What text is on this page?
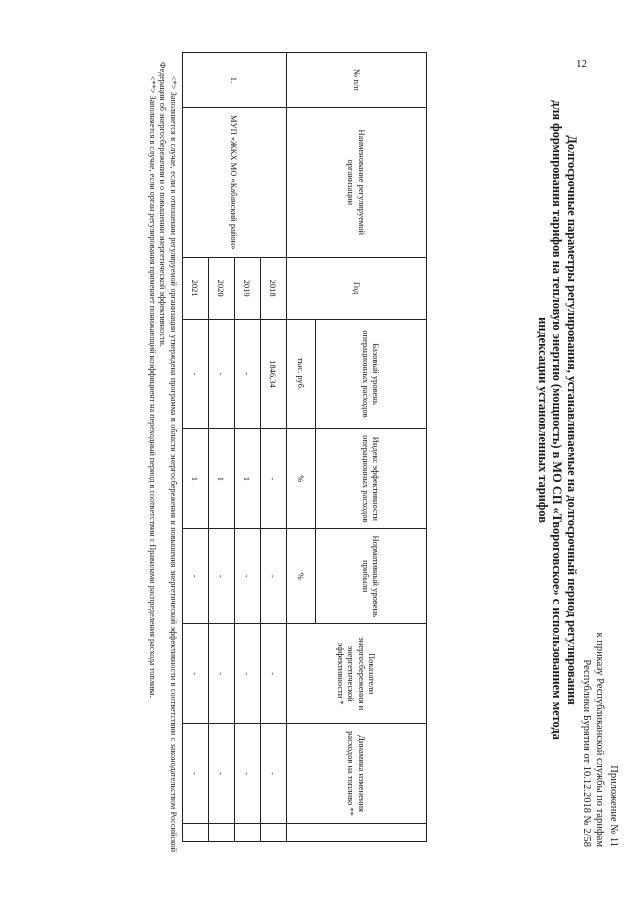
12
Приложение № 11
к приказу Республиканской службы по тарифам
Республики Бурятия от 10.12.2018 № 2/58
Долгосрочные параметры регулирования, устанавливаемые на долгосрочный период регулирования
для формирования тарифов на тепловую энергию (мощность) в МО СП «Твороговское» с использованием метода
индексации установленных тарифов
№ п/п	Наименование регулируемой организации	Год	Базовый уровень операционных расходов	Индекс эффективности операционных расходов	Нормативный уровень прибыли	Показатели энергосбережения и энергетической эффективности *	Динамика изменения расходов на топливо **	
			тыс. руб.	%	%			
1.	МУП «ЖКХ МО «Кабанский район»	2018	1846,34	-	-	-	-	
		2019	-	1	-	-	-	
		2020	-	1	-	-	-	
		2021	-	1	-	-	-	

<*> Заполняется в случае, если в отношении регулируемой организации утверждена программа в области энергосбережения и повышения энергетической эффективности в соответствии с законодательством Российской Федерации об энергосбережении и о повышении энергетической эффективности.

<**> Заполняется в случае, если орган регулирования применяет понижающий коэффициент на переходный период в соответствии с Правилами распределения расхода топлива.
